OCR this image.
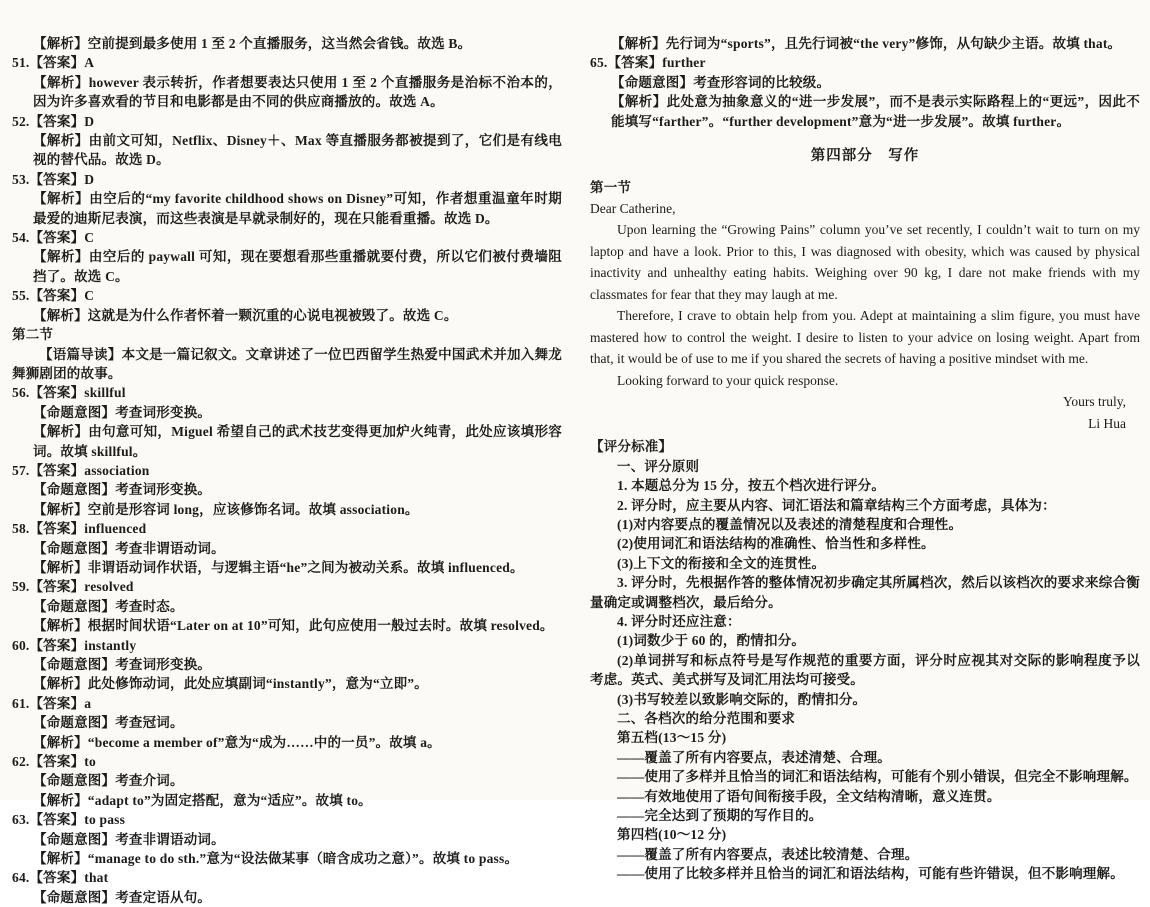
【解析】空前提到最多使用 1 至 2 个直播服务，这当然会省钱。故选 B。

51.【答案】A

【解析】however 表示转折，作者想要表达只使用 1 至 2 个直播服务是治标不治本的，因为许多喜欢看的节目和电影都是由不同的供应商播放的。故选 A。

52.【答案】D

【解析】由前文可知，Netflix、Disney＋、Max 等直播服务都被提到了，它们是有线电视的替代品。故选 D。

53.【答案】D

【解析】由空后的“my favorite childhood shows on Disney”可知，作者想重温童年时期最爱的迪斯尼表演，而这些表演是早就录制好的，现在只能看重播。故选 D。

54.【答案】C

【解析】由空后的 paywall 可知，现在要想看那些重播就要付费，所以它们被付费墙阻挡了。故选 C。

55.【答案】C

【解析】这就是为什么作者怀着一颗沉重的心说电视被毁了。故选 C。

第二节

【语篇导读】本文是一篇记叙文。文章讲述了一位巴西留学生热爱中国武术并加入舞龙舞狮剧团的故事。

56.【答案】skillful

【命题意图】考查词形变换。

【解析】由句意可知，Miguel 希望自己的武术技艺变得更加炉火纯青，此处应该填形容词。故填 skillful。

57.【答案】association

【命题意图】考查词形变换。

【解析】空前是形容词 long，应该修饰名词。故填 association。

58.【答案】influenced

【命题意图】考查非谓语动词。

【解析】非谓语动词作状语，与逻辑主语“he”之间为被动关系。故填 influenced。

59.【答案】resolved

【命题意图】考查时态。

【解析】根据时间状语“Later on at 10”可知，此句应使用一般过去时。故填 resolved。

60.【答案】instantly

【命题意图】考查词形变换。

【解析】此处修饰动词，此处应填副词“instantly”，意为“立即”。

61.【答案】a

【命题意图】考查冠词。

【解析】“become a member of”意为“成为……中的一员”。故填 a。

62.【答案】to

【命题意图】考查介词。

【解析】“adapt to”为固定搭配，意为“适应”。故填 to。

63.【答案】to pass

【命题意图】考查非谓语动词。

【解析】“manage to do sth.”意为“设法做某事（暗含成功之意）”。故填 to pass。

64.【答案】that

【命题意图】考查定语从句。

【解析】先行词为“sports”，且先行词被“the very”修饰，从句缺少主语。故填 that。

65.【答案】further

【命题意图】考查形容词的比较级。

【解析】此处意为抽象意义的“进一步发展”，而不是表示实际路程上的“更远”，因此不能填写“farther”。“further development”意为“进一步发展”。故填 further。

第四部分　写作

第一节

Dear Catherine,

Upon learning the “Growing Pains” column you’ve set recently, I couldn’t wait to turn on my laptop and have a look. Prior to this, I was diagnosed with obesity, which was caused by physical inactivity and unhealthy eating habits. Weighing over 90 kg, I dare not make friends with my classmates for fear that they may laugh at me.

Therefore, I crave to obtain help from you. Adept at maintaining a slim figure, you must have mastered how to control the weight. I desire to listen to your advice on losing weight. Apart from that, it would be of use to me if you shared the secrets of having a positive mindset with me.

Looking forward to your quick response.

Yours truly,

Li Hua

【评分标准】

一、评分原则

1. 本题总分为 15 分，按五个档次进行评分。

2. 评分时，应主要从内容、词汇语法和篇章结构三个方面考虑，具体为：

(1)对内容要点的覆盖情况以及表述的清楚程度和合理性。

(2)使用词汇和语法结构的准确性、恰当性和多样性。

(3)上下文的衔接和全文的连贯性。

3. 评分时，先根据作答的整体情况初步确定其所属档次，然后以该档次的要求来综合衡量确定或调整档次，最后给分。

4. 评分时还应注意：

(1)词数少于 60 的，酌情扣分。

(2)单词拼写和标点符号是写作规范的重要方面，评分时应视其对交际的影响程度予以考虑。英式、美式拼写及词汇用法均可接受。

(3)书写较差以致影响交际的，酌情扣分。

二、各档次的给分范围和要求

第五档(13～15 分)

——覆盖了所有内容要点，表述清楚、合理。

——使用了多样并且恰当的词汇和语法结构，可能有个别小错误，但完全不影响理解。

——有效地使用了语句间衔接手段，全文结构清晰，意义连贯。

——完全达到了预期的写作目的。

第四档(10～12 分)

——覆盖了所有内容要点，表述比较清楚、合理。

——使用了比较多样并且恰当的词汇和语法结构，可能有些许错误，但不影响理解。
